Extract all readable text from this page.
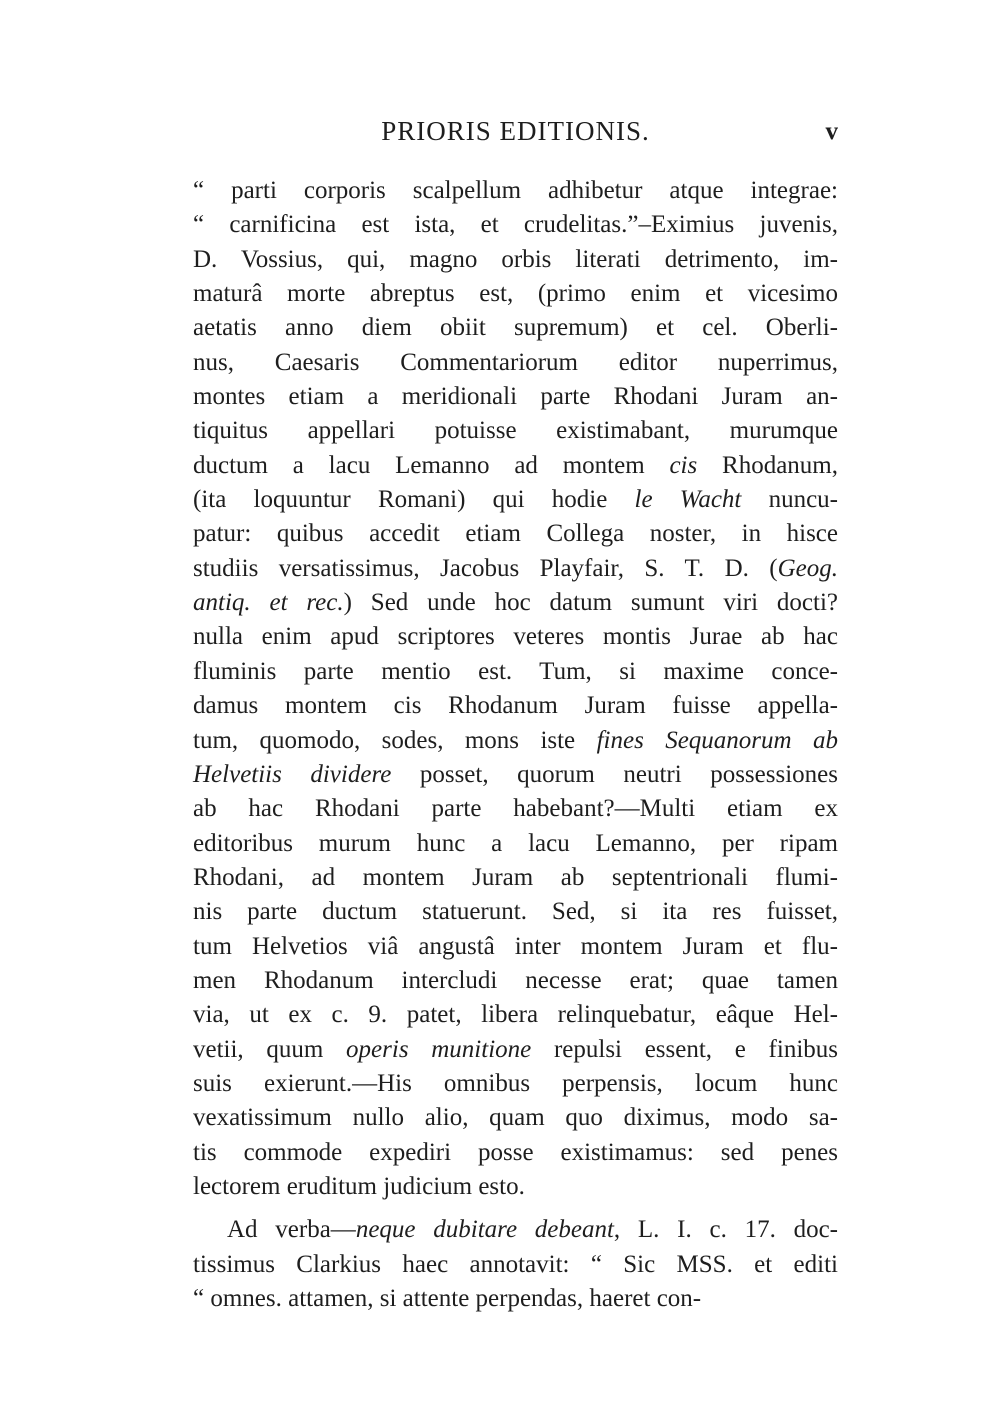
PRIORIS EDITIONIS.	v
“ parti corporis scalpellum adhibetur atque integrae:
“ carnificina est ista, et crudelitas.”–Eximius juvenis,
D. Vossius, qui, magno orbis literati detrimento, im-
maturâ morte abreptus est, (primo enim et vicesimo
aetatis anno diem obiit supremum) et cel. Oberli-
nus, Caesaris Commentariorum editor nuperrimus,
montes etiam a meridionali parte Rhodani Juram an-
tiquitus appellari potuisse existimabant, murumque
ductum a lacu Lemanno ad montem cis Rhodanum,
(ita loquuntur Romani) qui hodie le Wacht nuncu-
patur: quibus accedit etiam Collega noster, in hisce
studiis versatissimus, Jacobus Playfair, S. T. D. (Geog.
antiq. et rec.) Sed unde hoc datum sumunt viri docti?
nulla enim apud scriptores veteres montis Jurae ab hac
fluminis parte mentio est. Tum, si maxime conce-
damus montem cis Rhodanum Juram fuisse appella-
tum, quomodo, sodes, mons iste fines Sequanorum ab
Helvetiis dividere posset, quorum neutri possessiones
ab hac Rhodani parte habebant?—Multi etiam ex
editoribus murum hunc a lacu Lemanno, per ripam
Rhodani, ad montem Juram ab septentrionali flumi-
nis parte ductum statuerunt. Sed, si ita res fuisset,
tum Helvetios viâ angustâ inter montem Juram et flu-
men Rhodanum intercludi necesse erat; quae tamen
via, ut ex c. 9. patet, libera relinquebatur, eâque Hel-
vetii, quum operis munitione repulsi essent, e finibus
suis exierunt.—His omnibus perpensis, locum hunc
vexatissimum nullo alio, quam quo diximus, modo sa-
tis commode expediri posse existimamus: sed penes
lectorem eruditum judicium esto.
Ad verba—neque dubitare debeant, L. I. c. 17. doc-
tissimus Clarkius haec annotavit: “ Sic MSS. et editi
“ omnes. attamen, si attente perpendas, haeret con-
